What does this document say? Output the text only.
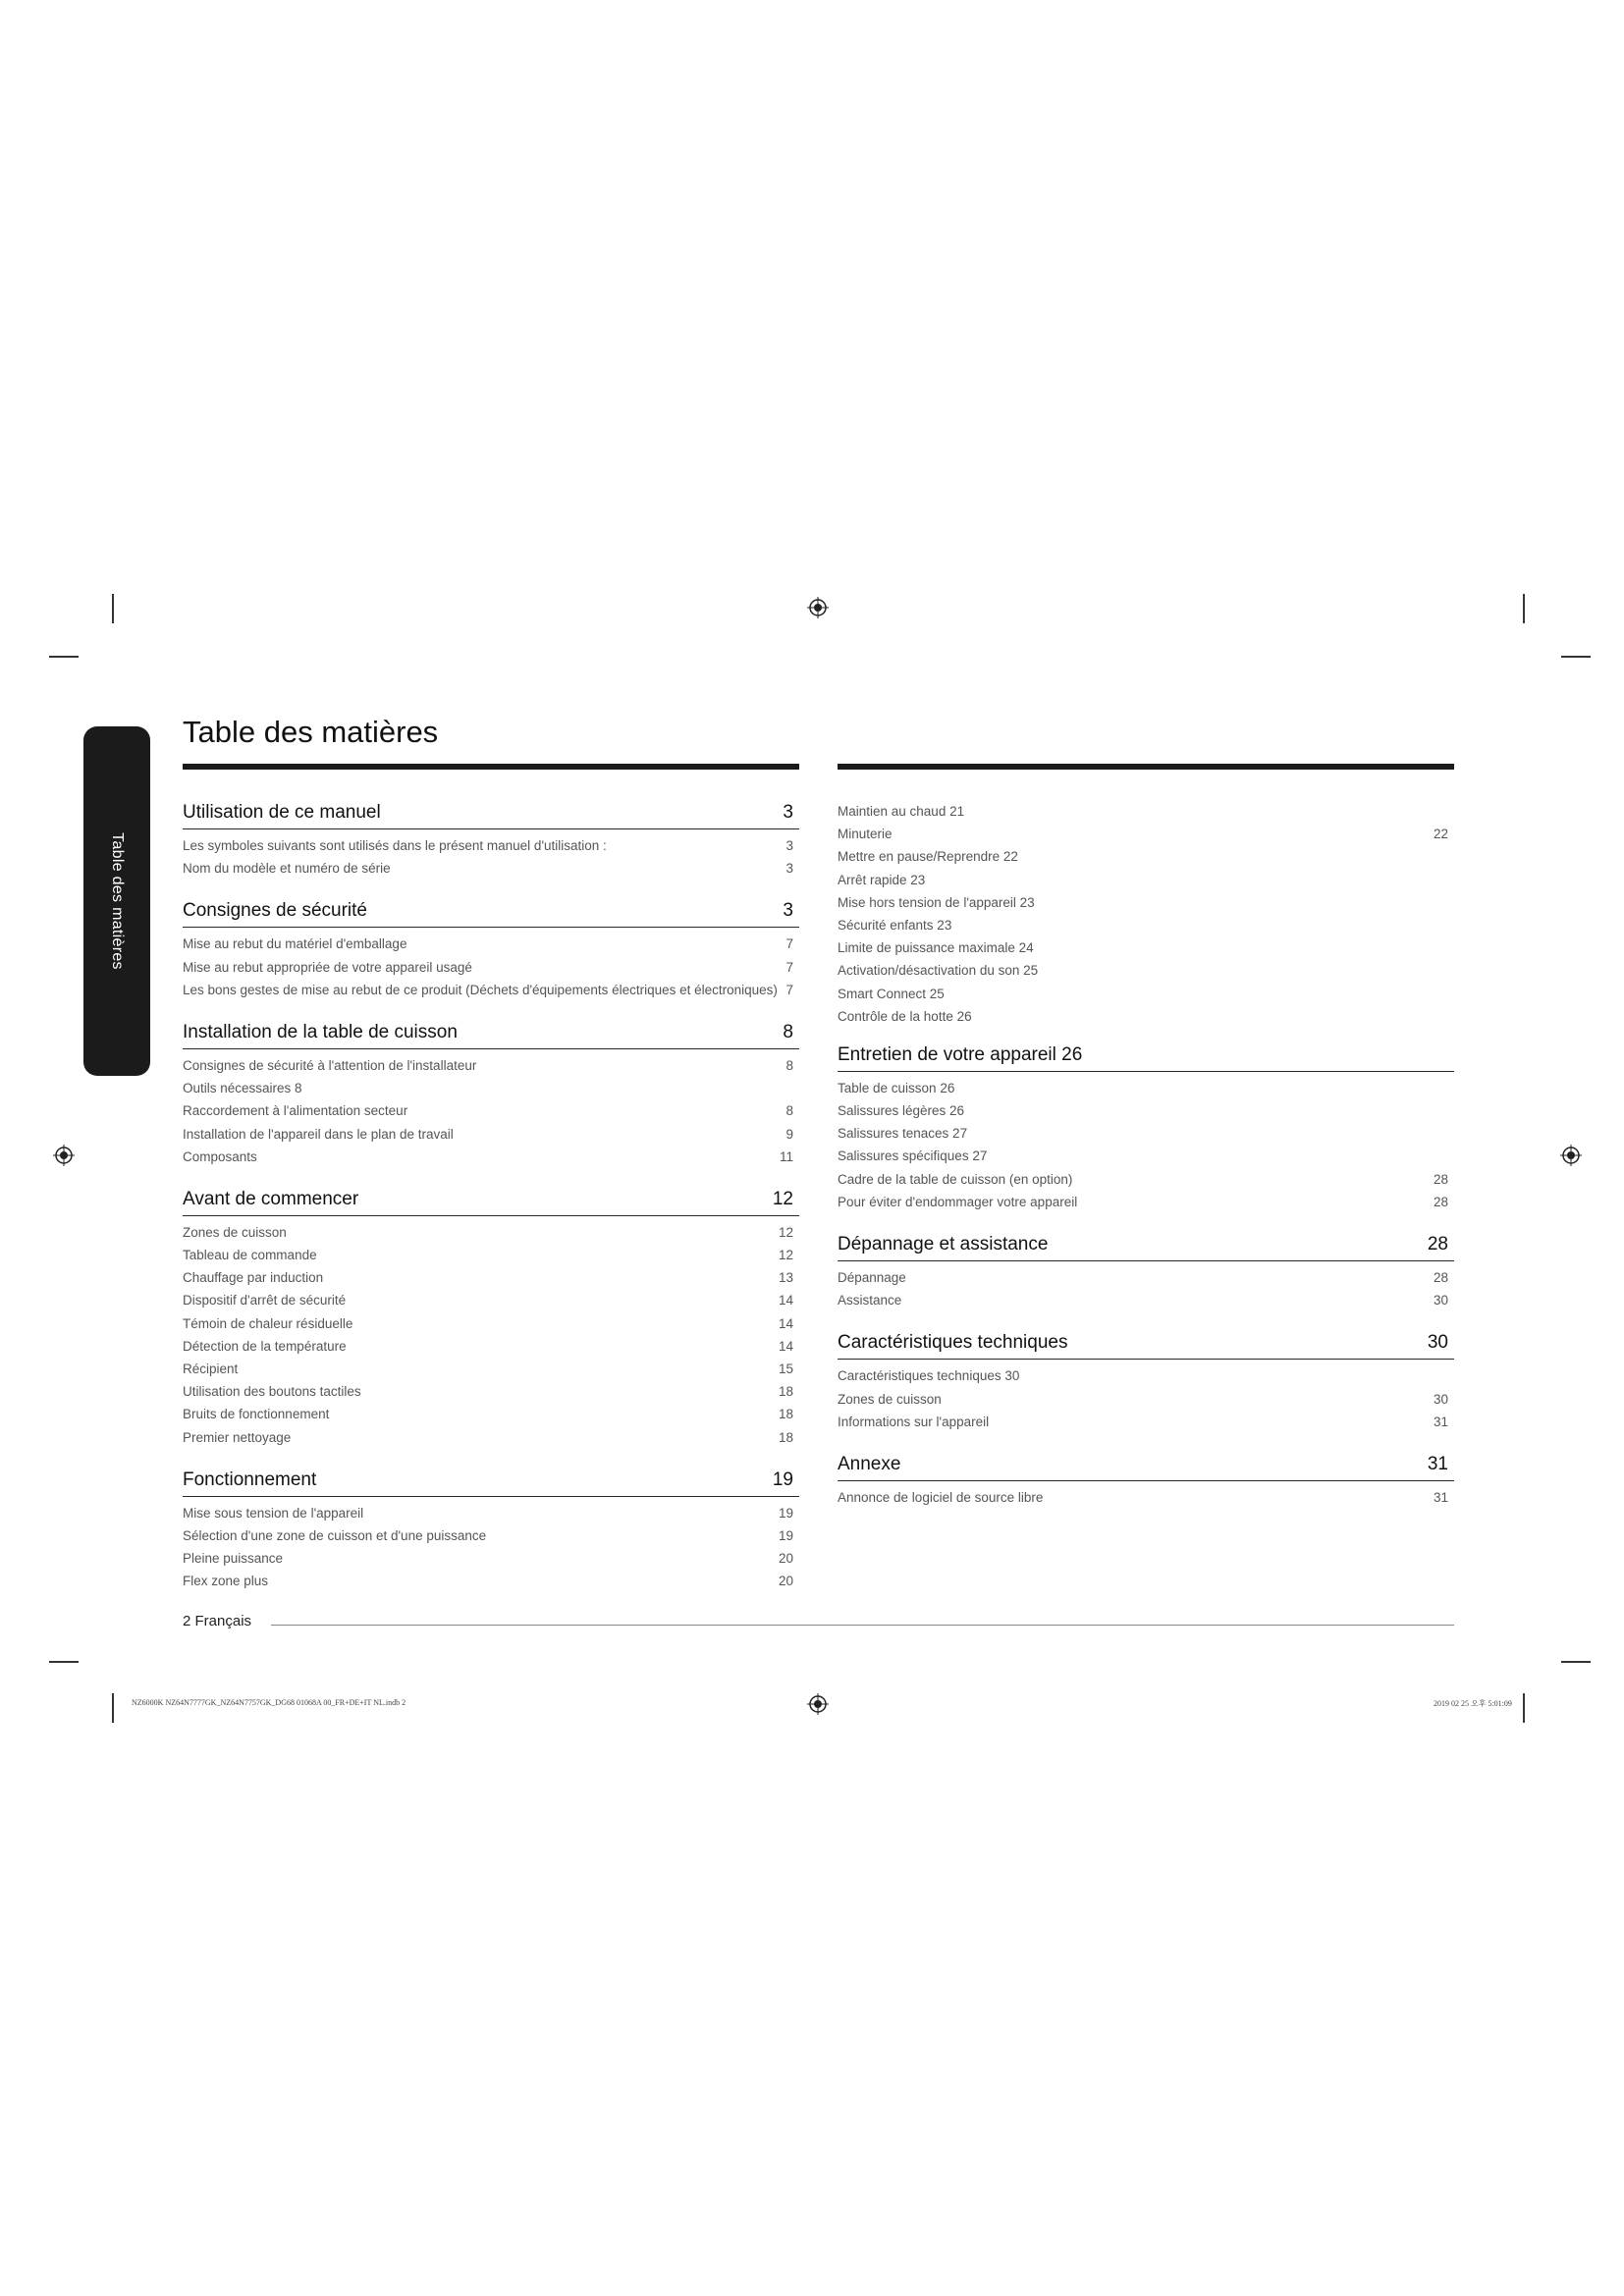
Table des matières
Table des matières
Utilisation de ce manuel	3
Les symboles suivants sont utilisés dans le présent manuel d'utilisation :	3
Nom du modèle et numéro de série	3
Consignes de sécurité	3
Mise au rebut du matériel d'emballage	7
Mise au rebut appropriée de votre appareil usagé	7
Les bons gestes de mise au rebut de ce produit (Déchets d'équipements électriques et électroniques) 7
Installation de la table de cuisson	8
Consignes de sécurité à l'attention de l'installateur	8
Outils nécessaires 8
Raccordement à l'alimentation secteur	8
Installation de l'appareil dans le plan de travail	9
Composants	11
Avant de commencer	12
Zones de cuisson	12
Tableau de commande	12
Chauffage par induction	13
Dispositif d'arrêt de sécurité	14
Témoin de chaleur résiduelle	14
Détection de la température	14
Récipient	15
Utilisation des boutons tactiles	18
Bruits de fonctionnement	18
Premier nettoyage	18
Fonctionnement	19
Mise sous tension de l'appareil	19
Sélection d'une zone de cuisson et d'une puissance	19
Pleine puissance	20
Flex zone plus	20
Maintien au chaud 21
Minuterie	22
Mettre en pause/Reprendre 22
Arrêt rapide 23
Mise hors tension de l'appareil 23
Sécurité enfants 23
Limite de puissance maximale 24
Activation/désactivation du son 25
Smart Connect 25
Contrôle de la hotte 26
Entretien de votre appareil 26
Table de cuisson 26
Salissures légères 26
Salissures tenaces 27
Salissures spécifiques 27
Cadre de la table de cuisson (en option)	28
Pour éviter d'endommager votre appareil	28
Dépannage et assistance	28
Dépannage	28
Assistance	30
Caractéristiques techniques	30
Caractéristiques techniques 30
Zones de cuisson	30
Informations sur l'appareil	31
Annexe	31
Annonce de logiciel de source libre	31
2 Français
NZ6000K NZ64N7777GK_NZ64N7757GK_DG68 01068A 00_FR+DE+IT NL.indb 2	2019 02 25 오후 5:01:09
